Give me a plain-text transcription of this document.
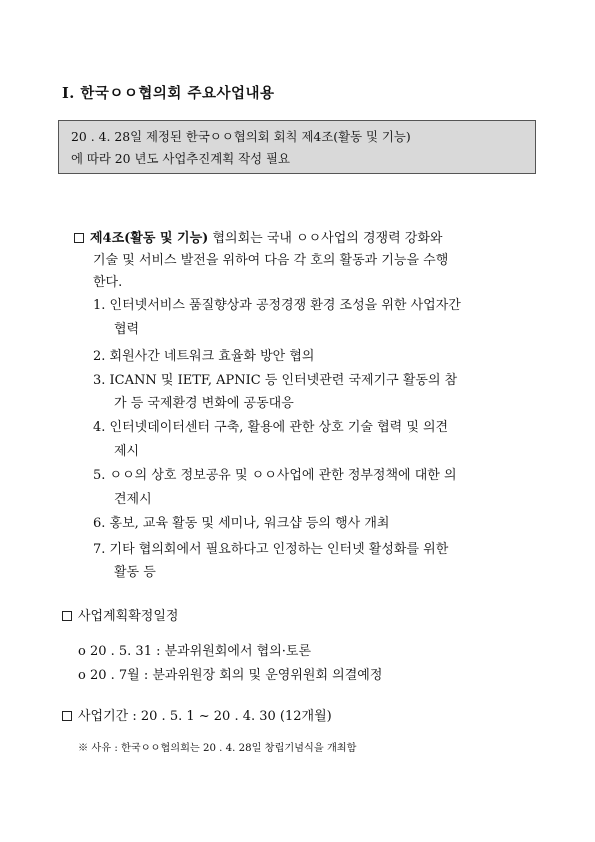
Ⅰ. 한국ㅇㅇ협의회 주요사업내용
20 . 4. 28일 제정된 한국ㅇㅇ협의회 회칙 제4조(활동 및 기능)
에 따라 20 년도 사업추진계획 작성 필요
제4조(활동 및 기능) 협의회는 국내 ㅇㅇ사업의 경쟁력 강화와
기술 및 서비스 발전을 위하여 다음 각 호의 활동과 기능을 수행
한다.
1. 인터넷서비스 품질향상과 공정경쟁 환경 조성을 위한 사업자간
협력
2. 회원사간 네트워크 효율화 방안 협의
3. ICANN 및 IETF, APNIC 등 인터넷관련 국제기구 활동의 참
가 등 국제환경 변화에 공동대응
4. 인터넷데이터센터 구축, 활용에 관한 상호 기술 협력 및 의견
제시
5. ㅇㅇ의 상호 정보공유 및 ㅇㅇ사업에 관한 정부정책에 대한 의
견제시
6. 홍보, 교육 활동 및 세미나, 워크샵 등의 행사 개최
7. 기타 협의회에서 필요하다고 인정하는 인터넷 활성화를 위한
활동 등
사업계획확정일정
o 20 . 5. 31 : 분과위원회에서 협의·토론
o 20 . 7월 : 분과위원장 회의 및 운영위원회 의결예정
사업기간 : 20 . 5. 1 ~ 20 . 4. 30 (12개월)
※ 사유 : 한국ㅇㅇ협의회는 20 . 4. 28일 창립기념식을 개최함
